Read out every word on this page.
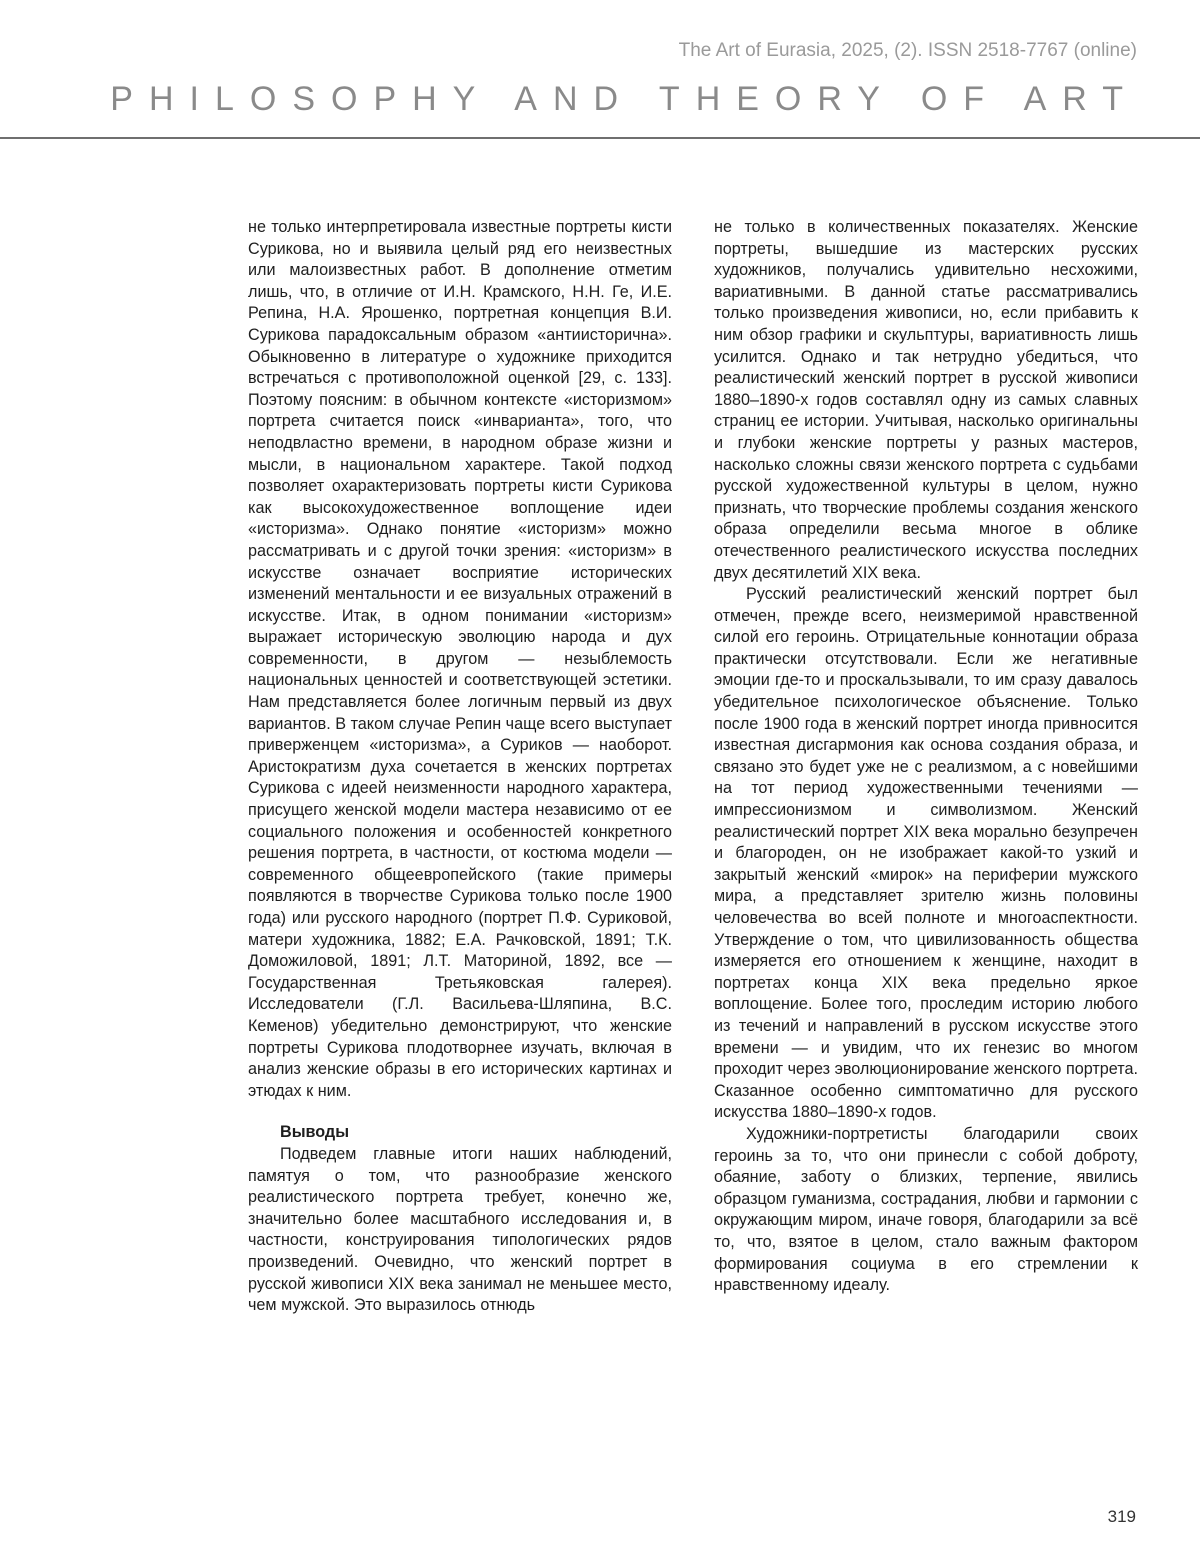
The Art of Eurasia, 2025, (2). ISSN 2518-7767 (online)
PHILOSOPHY AND THEORY OF ART

не только интерпретировала известные портреты кисти Сурикова, но и выявила целый ряд его неизвестных или малоизвестных работ. В дополнение отметим лишь, что, в отличие от И.Н. Крамского, Н.Н. Ге, И.Е. Репина, Н.А. Ярошенко, портретная концепция В.И. Сурикова парадоксальным образом «антиисторична». Обыкновенно в литературе о художнике приходится встречаться с противоположной оценкой [29, с. 133]. Поэтому поясним: в обычном контексте «историзмом» портрета считается поиск «инварианта», того, что неподвластно времени, в народном образе жизни и мысли, в национальном характере. Такой подход позволяет охарактеризовать портреты кисти Сурикова как высокохудожественное воплощение идеи «историзма». Однако понятие «историзм» можно рассматривать и с другой точки зрения: «историзм» в искусстве означает восприятие исторических изменений ментальности и ее визуальных отражений в искусстве. Итак, в одном понимании «историзм» выражает историческую эволюцию народа и дух современности, в другом — незыблемость национальных ценностей и соответствующей эстетики. Нам представляется более логичным первый из двух вариантов. В таком случае Репин чаще всего выступает приверженцем «историзма», а Суриков — наоборот. Аристократизм духа сочетается в женских портретах Сурикова с идеей неизменности народного характера, присущего женской модели мастера независимо от ее социального положения и особенностей конкретного решения портрета, в частности, от костюма модели — современного общеевропейского (такие примеры появляются в творчестве Сурикова только после 1900 года) или русского народного (портрет П.Ф. Суриковой, матери художника, 1882; Е.А. Рачковской, 1891; Т.К. Доможиловой, 1891; Л.Т. Маториной, 1892, все — Государственная Третьяковская галерея). Исследователи (Г.Л. Васильева-Шляпина, В.С. Кеменов) убедительно демонстрируют, что женские портреты Сурикова плодотворнее изучать, включая в анализ женские образы в его исторических картинах и этюдах к ним.

Выводы

Подведем главные итоги наших наблюдений, памятуя о том, что разнообразие женского реалистического портрета требует, конечно же, значительно более масштабного исследования и, в частности, конструирования типологических рядов произведений. Очевидно, что женский портрет в русской живописи XIX века занимал не меньшее место, чем мужской. Это выразилось отнюдь

не только в количественных показателях. Женские портреты, вышедшие из мастерских русских художников, получались удивительно несхожими, вариативными. В данной статье рассматривались только произведения живописи, но, если прибавить к ним обзор графики и скульптуры, вариативность лишь усилится. Однако и так нетрудно убедиться, что реалистический женский портрет в русской живописи 1880–1890-х годов составлял одну из самых славных страниц ее истории. Учитывая, насколько оригинальны и глубоки женские портреты у разных мастеров, насколько сложны связи женского портрета с судьбами русской художественной культуры в целом, нужно признать, что творческие проблемы создания женского образа определили весьма многое в облике отечественного реалистического искусства последних двух десятилетий XIX века.

Русский реалистический женский портрет был отмечен, прежде всего, неизмеримой нравственной силой его героинь. Отрицательные коннотации образа практически отсутствовали. Если же негативные эмоции где-то и проскальзывали, то им сразу давалось убедительное психологическое объяснение. Только после 1900 года в женский портрет иногда привносится известная дисгармония как основа создания образа, и связано это будет уже не с реализмом, а с новейшими на тот период художественными течениями — импрессионизмом и символизмом. Женский реалистический портрет XIX века морально безупречен и благороден, он не изображает какой-то узкий и закрытый женский «мирок» на периферии мужского мира, а представляет зрителю жизнь половины человечества во всей полноте и многоаспектности. Утверждение о том, что цивилизованность общества измеряется его отношением к женщине, находит в портретах конца XIX века предельно яркое воплощение. Более того, проследим историю любого из течений и направлений в русском искусстве этого времени — и увидим, что их генезис во многом проходит через эволюционирование женского портрета. Сказанное особенно симптоматично для русского искусства 1880–1890-х годов.

Художники-портретисты благодарили своих героинь за то, что они принесли с собой доброту, обаяние, заботу о близких, терпение, явились образцом гуманизма, сострадания, любви и гармонии с окружающим миром, иначе говоря, благодарили за всё то, что, взятое в целом, стало важным фактором формирования социума в его стремлении к нравственному идеалу.

319
